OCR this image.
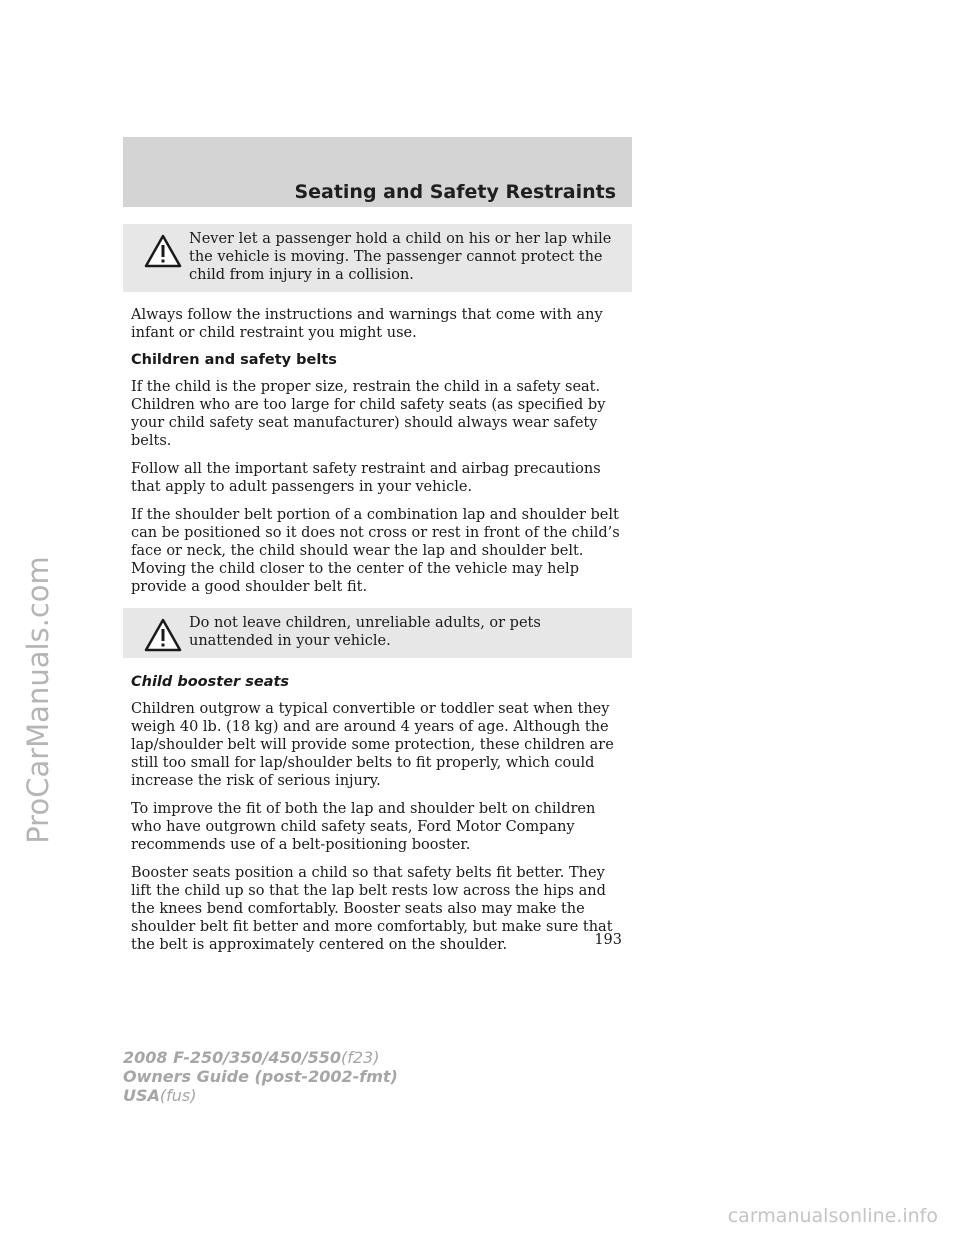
ProCarManuals.com
Seating and Safety Restraints

Never let a passenger hold a child on his or her lap while the vehicle is moving. The passenger cannot protect the child from injury in a collision.

Always follow the instructions and warnings that come with any infant or child restraint you might use.

Children and safety belts

If the child is the proper size, restrain the child in a safety seat. Children who are too large for child safety seats (as specified by your child safety seat manufacturer) should always wear safety belts.

Follow all the important safety restraint and airbag precautions that apply to adult passengers in your vehicle.

If the shoulder belt portion of a combination lap and shoulder belt can be positioned so it does not cross or rest in front of the child’s face or neck, the child should wear the lap and shoulder belt. Moving the child closer to the center of the vehicle may help provide a good shoulder belt fit.

Do not leave children, unreliable adults, or pets unattended in your vehicle.

Child booster seats

Children outgrow a typical convertible or toddler seat when they weigh 40 lb. (18 kg) and are around 4 years of age. Although the lap/shoulder belt will provide some protection, these children are still too small for lap/shoulder belts to fit properly, which could increase the risk of serious injury.

To improve the fit of both the lap and shoulder belt on children who have outgrown child safety seats, Ford Motor Company recommends use of a belt-positioning booster.

Booster seats position a child so that safety belts fit better. They lift the child up so that the lap belt rests low across the hips and the knees bend comfortably. Booster seats also may make the shoulder belt fit better and more comfortably, but make sure that the belt is approximately centered on the shoulder.	193
2008 F-250/350/450/550(f23)
Owners Guide (post-2002-fmt)
USA(fus)
carmanualsonline.info
